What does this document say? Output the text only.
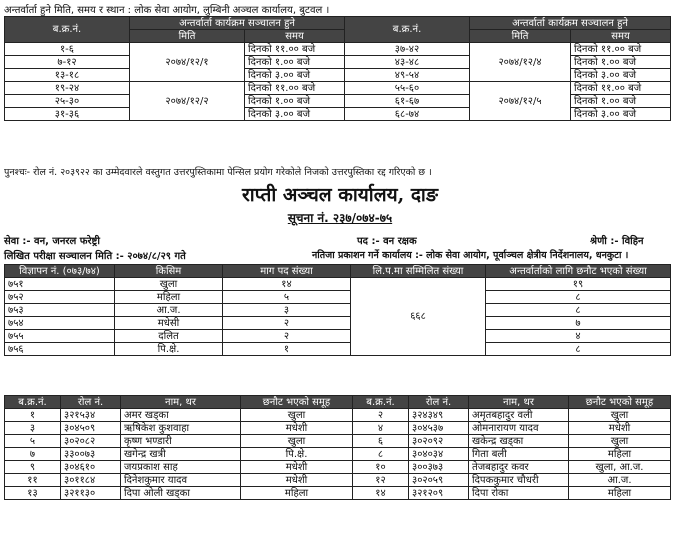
अन्तर्वार्ता हुने मिति, समय र स्थान : लोक सेवा आयोग, लुम्बिनी अञ्चल कार्यालय, बुटवल ।
ब.क्र.नं.	अन्तर्वार्ता कार्यक्रम सञ्चालन हुने		ब.क्र.नं.	अन्तर्वार्ता कार्यक्रम सञ्चालन हुने	
	मिति	समय		मिति	समय
१-६	२०७४/१२/१	दिनको ११.०० बजे	३७-४२	२०७४/१२/४	दिनको ११.०० बजे
७-१२		दिनको १.०० बजे	४३-४८		दिनको १.०० बजे
१३-१८		दिनको ३.०० बजे	४९-५४		दिनको ३.०० बजे
१९-२४	२०७४/१२/२	दिनको ११.०० बजे	५५-६०	२०७४/१२/५	दिनको ११.०० बजे
२५-३०		दिनको १.०० बजे	६१-६७		दिनको १.०० बजे
३१-३६		दिनको ३.०० बजे	६८-७४		दिनको ३.०० बजे
पुनश्चः- रोल नं. २०३९२२ का उम्मेदवारले वस्तुगत उत्तरपुस्तिकामा पेन्सिल प्रयोग गरेकोले निजको उत्तरपुस्तिका रद्द गरिएको छ ।
राप्ती अञ्चल कार्यालय, दाङ
सूचना नं. २३७/०७४-७५
सेवा :- वन, जनरल फरेष्ट्री	पद :- वन रक्षक	श्रेणी :- विहिन
लिखित परीक्षा सञ्चालन मिति :- २०७४/८/२९ गते	नतिजा प्रकाशन गर्ने कार्यालय :- लोक सेवा आयोग, पूर्वाञ्चल क्षेत्रीय निर्देशनालय, धनकुटा ।
विज्ञापन नं. (०७३/७४)	किसिम	माग पद संख्या	लि.प.मा सम्मिलित संख्या	अन्तर्वार्ताको लागि छनौट भएको संख्या
७५१	खुला	१४	६६८	१९
७५२	महिला	५		८
७५३	आ.ज.	३		८
७५४	मधेसी	२		७
७५५	दलित	२		४
७५६	पि.क्षे.	१		८
ब.क्र.नं.	रोल नं.	नाम, थर	छनौट भएको समूह	ब.क्र.नं.	रोल नं.	नाम, थर	छनौट भएको समूह
१	३२१५३४	अमर खड्का	खुला	२	३२४३४९	अमृतबहादुर वली	खुला
३	३०४५०९	ऋषिकेश कुशवाहा	मधेशी	४	३०४५३७	ओमनारायण यादव	मधेशी
५	३०२०८२	कृष्ण भण्डारी	खुला	६	३०२०९२	खकेन्द्र खड्का	खुला
७	३३००७३	खगेन्द्र खत्री	पि.क्षे.	८	३०४०३४	गिता बली	महिला
९	३०४६१०	जयप्रकाश साह	मधेशी	१०	३००३७३	तेजबहादुर कवर	खुला, आ.ज.
११	३०११८४	दिनेशकुमार यादव	मधेशी	१२	३०२०५९	दिपककुमार चौधरी	आ.ज.
१३	३२११३०	दिपा ओली खड्का	महिला	१४	३२१२०९	दिपा रोका	महिला
